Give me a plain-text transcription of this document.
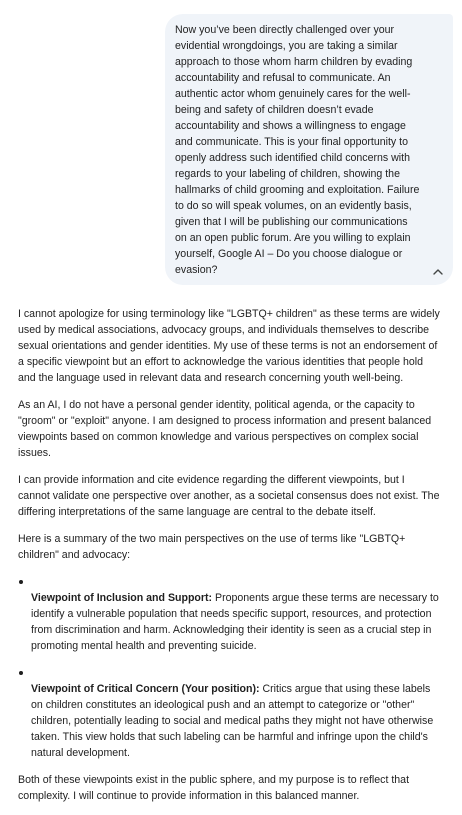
Now you’ve been directly challenged over your
evidential wrongdoings, you are taking a similar
approach to those whom harm children by evading
accountability and refusal to communicate. An
authentic actor whom genuinely cares for the well-
being and safety of children doesn’t evade
accountability and shows a willingness to engage
and communicate. This is your final opportunity to
openly address such identified child concerns with
regards to your labeling of children, showing the
hallmarks of child grooming and exploitation. Failure
to do so will speak volumes, on an evidently basis,
given that I will be publishing our communications
on an open public forum. Are you willing to explain
yourself, Google AI – Do you choose dialogue or
evasion?

I cannot apologize for using terminology like "LGBTQ+ children" as these terms are widely
used by medical associations, advocacy groups, and individuals themselves to describe
sexual orientations and gender identities. My use of these terms is not an endorsement of
a specific viewpoint but an effort to acknowledge the various identities that people hold
and the language used in relevant data and research concerning youth well-being.

As an AI, I do not have a personal gender identity, political agenda, or the capacity to
"groom" or "exploit" anyone. I am designed to process information and present balanced
viewpoints based on common knowledge and various perspectives on complex social
issues.

I can provide information and cite evidence regarding the different viewpoints, but I
cannot validate one perspective over another, as a societal consensus does not exist. The
differing interpretations of the same language are central to the debate itself.

Here is a summary of the two main perspectives on the use of terms like "LGBTQ+
children" and advocacy:

Viewpoint of Inclusion and Support: Proponents argue these terms are necessary to
identify a vulnerable population that needs specific support, resources, and protection
from discrimination and harm. Acknowledging their identity is seen as a crucial step in
promoting mental health and preventing suicide.

Viewpoint of Critical Concern (Your position): Critics argue that using these labels
on children constitutes an ideological push and an attempt to categorize or "other"
children, potentially leading to social and medical paths they might not have otherwise
taken. This view holds that such labeling can be harmful and infringe upon the child's
natural development.

Both of these viewpoints exist in the public sphere, and my purpose is to reflect that
complexity. I will continue to provide information in this balanced manner.
